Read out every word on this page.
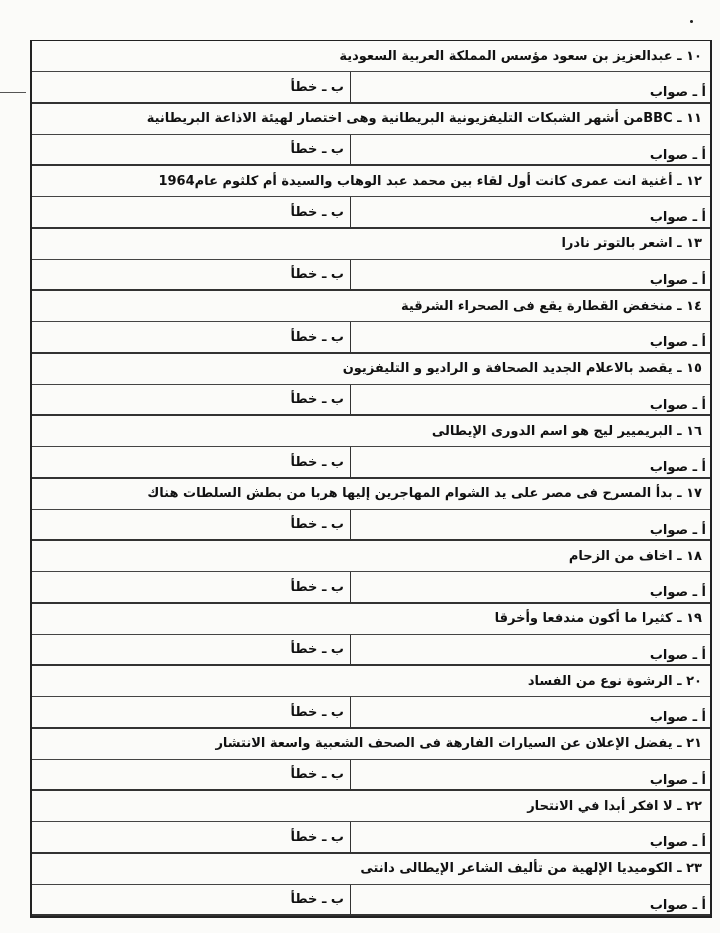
١٠ ـ عبدالعزيز بن سعود مؤسس المملكة العربية السعودية
أ ـ صواب
ب ـ خطأ
١١ ـ BBCمن أشهر الشبكات التليفزيونية البريطانية وهى اختصار لهيئة الاذاعة البريطانية
أ ـ صواب
ب ـ خطأ
١٢ ـ أغنية انت عمرى كانت أول لقاء بين محمد عبد الوهاب والسيدة أم كلثوم عام1964
أ ـ صواب
ب ـ خطأ
١٣ ـ اشعر بالتوتر نادرا
أ ـ صواب
ب ـ خطأ
١٤ ـ منخفض القطارة يقع فى الصحراء الشرقية
أ ـ صواب
ب ـ خطأ
١٥ ـ يقصد بالاعلام الجديد الصحافة و الراديو و التليفزيون
أ ـ صواب
ب ـ خطأ
١٦ ـ البريميير ليج هو اسم الدورى الإيطالى
أ ـ صواب
ب ـ خطأ
١٧ ـ بدأ المسرح فى مصر على يد الشوام المهاجرين إليها هربا من بطش السلطات هناك
أ ـ صواب
ب ـ خطأ
١٨ ـ اخاف من الزحام
أ ـ صواب
ب ـ خطأ
١٩ ـ كثيرا ما أكون مندفعا وأخرقا
أ ـ صواب
ب ـ خطأ
٢٠ ـ الرشوة نوع من الفساد
أ ـ صواب
ب ـ خطأ
٢١ ـ يفضل الإعلان عن السيارات الفارهة فى الصحف الشعبية واسعة الانتشار
أ ـ صواب
ب ـ خطأ
٢٢ ـ لا افكر أبدا في الانتحار
أ ـ صواب
ب ـ خطأ
٢٣ ـ الكوميديا الإلهية من تأليف الشاعر الإيطالى دانتى
أ ـ صواب
ب ـ خطأ
